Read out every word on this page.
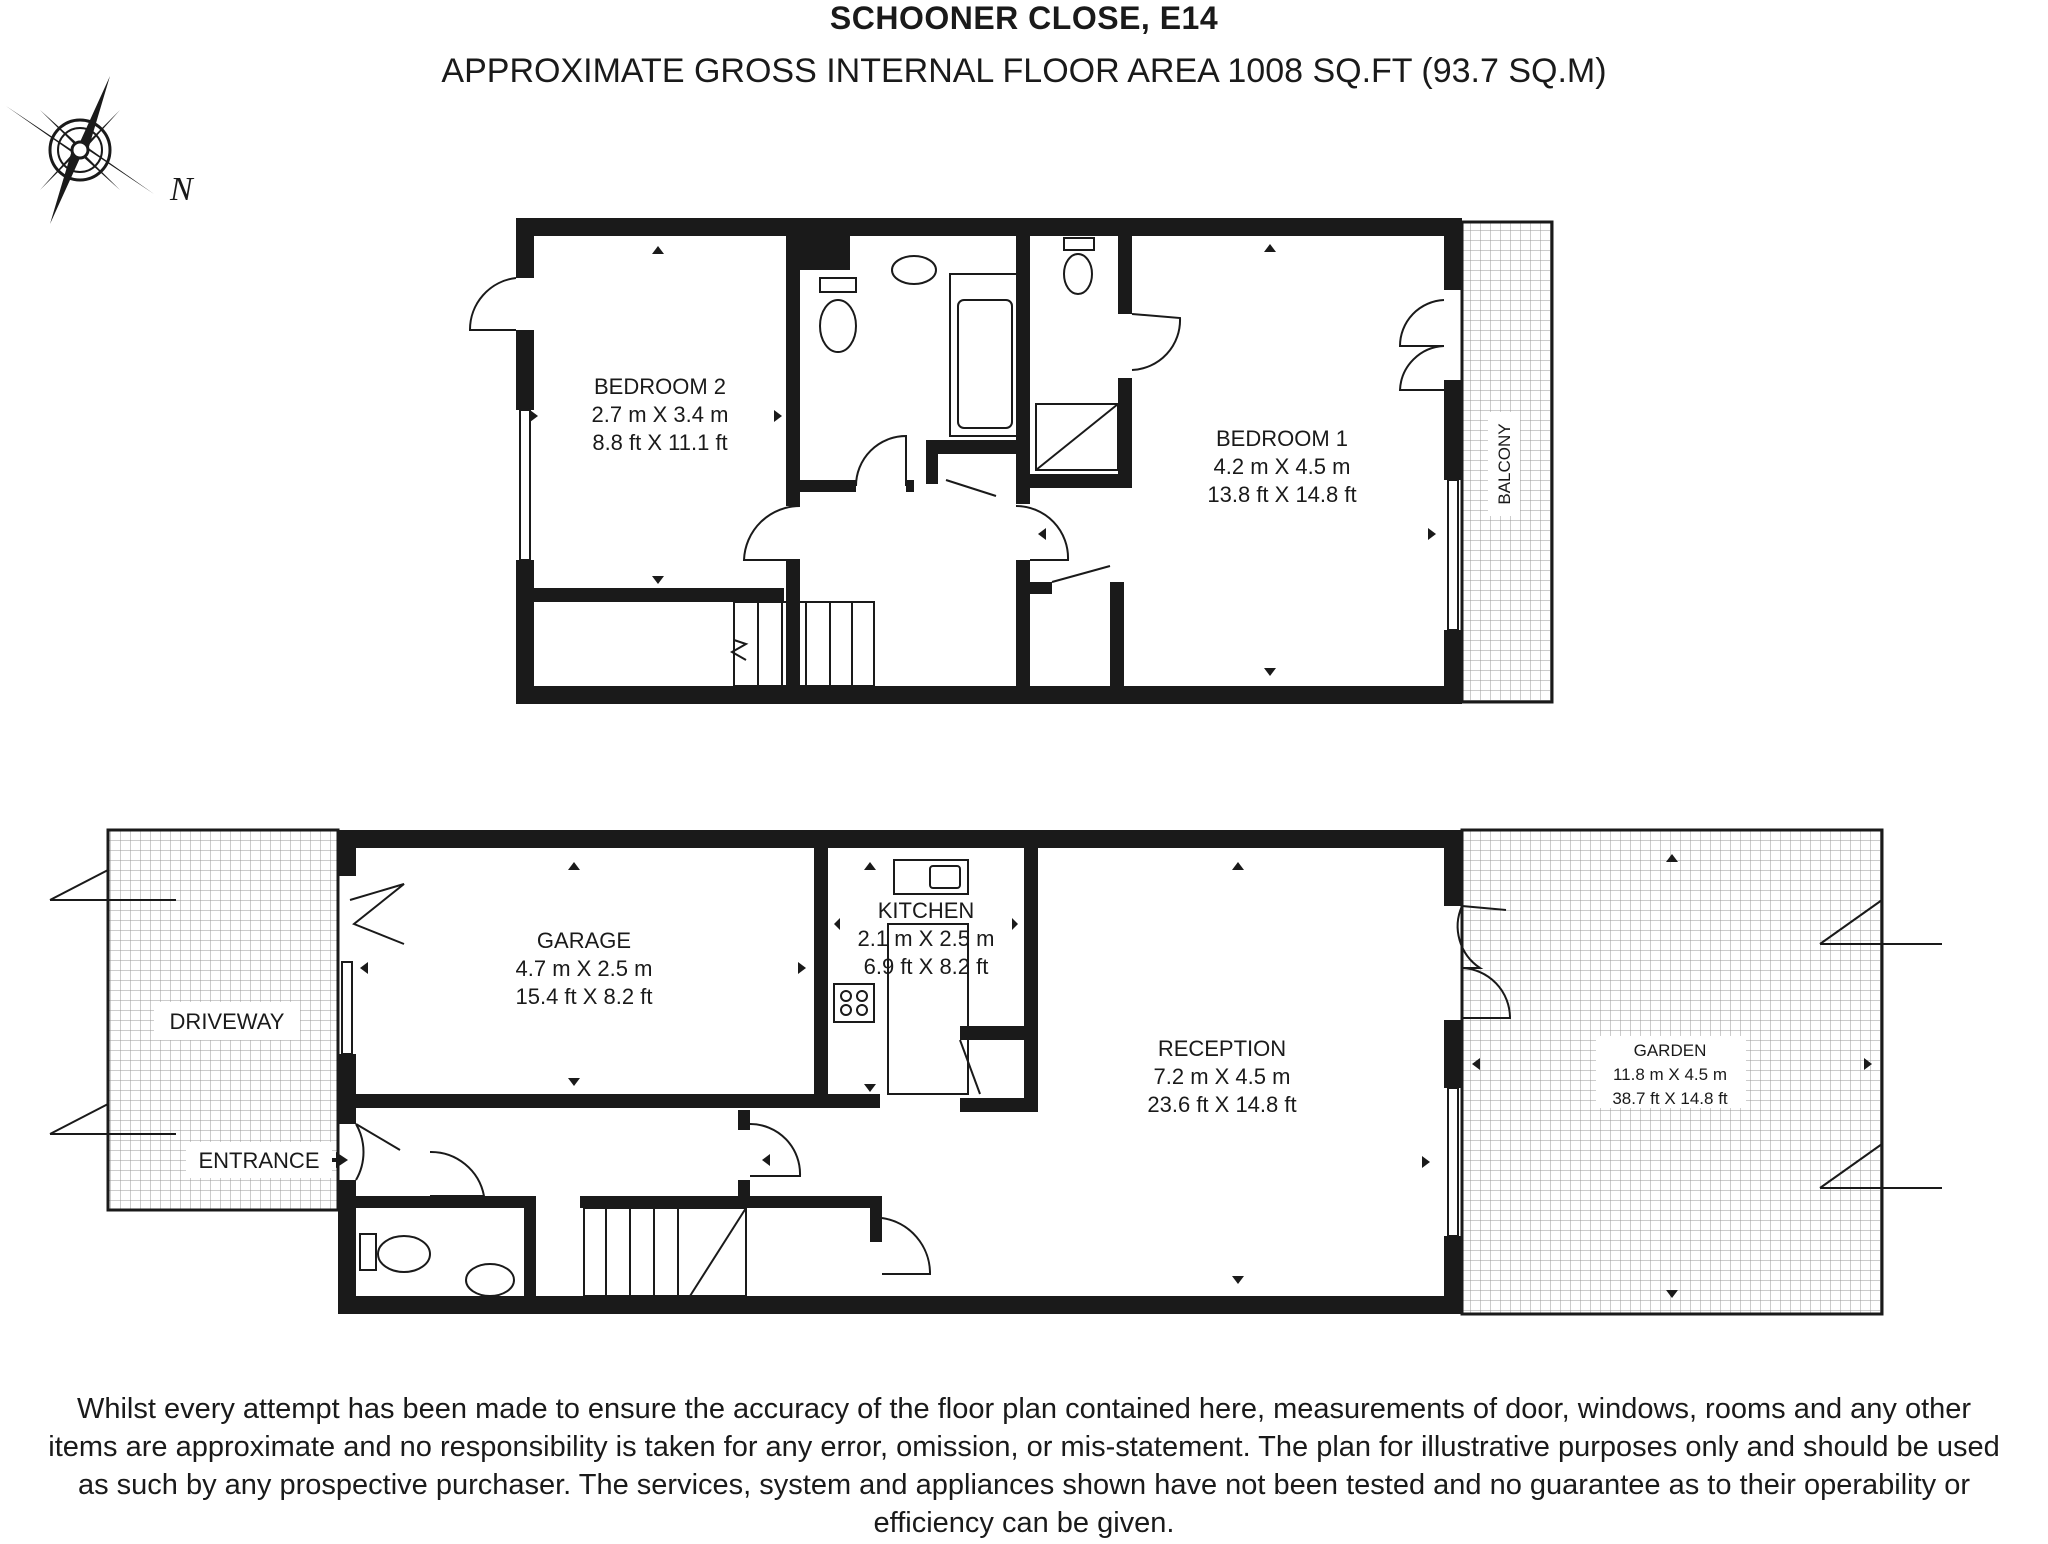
SCHOONER CLOSE, E14
APPROXIMATE GROSS INTERNAL FLOOR AREA 1008 SQ.FT (93.7 SQ.M)
N
BEDROOM 2
2.7 m X 3.4 m
8.8 ft X 11.1 ft	BEDROOM 1
4.2 m X 4.5 m
13.8 ft X 14.8 ft	BALCONY
GARAGE
4.7 m X 2.5 m
15.4 ft X 8.2 ft
KITCHEN
2.1 m X 2.5 m
6.9 ft X 8.2 ft
RECEPTION
7.2 m X 4.5 m
23.6 ft X 14.8 ft
GARDEN
11.8 m X 4.5 m
38.7 ft X 14.8 ft
DRIVEWAY
ENTRANCE
Whilst every attempt has been made to ensure the accuracy of the floor plan contained here, measurements of door, windows, rooms and any other items are approximate and no responsibility is taken for any error, omission, or mis-statement. The plan for illustrative purposes only and should be used as such by any prospective purchaser. The services, system and appliances shown have not been tested and no guarantee as to their operability or efficiency can be given.
